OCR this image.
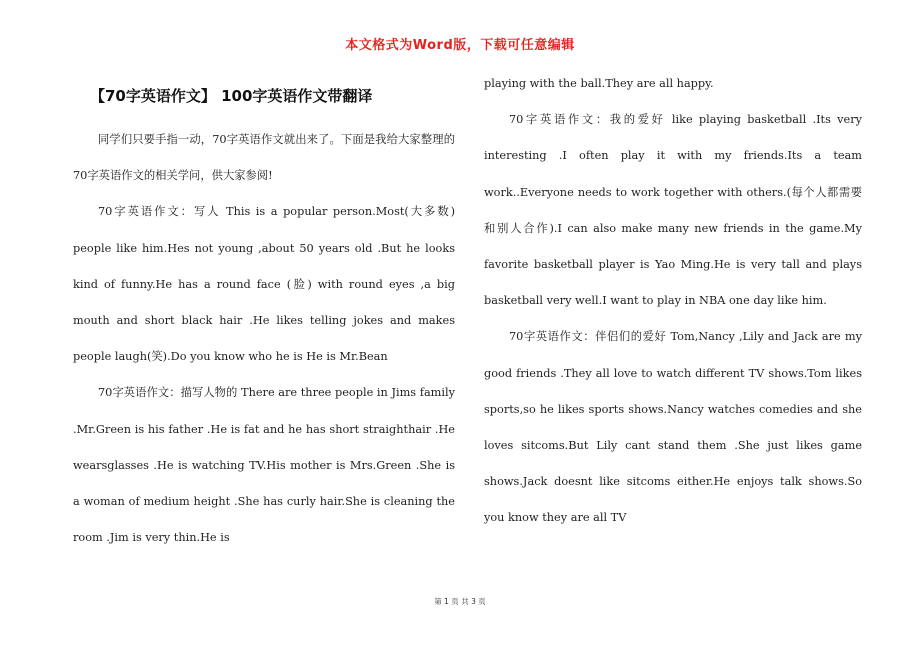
本文格式为Word版，下载可任意编辑
【70字英语作文】 100字英语作文带翻译

同学们只要手指一动，70字英语作文就出来了。下面是我给大家整理的70字英语作文的相关学问，供大家参阅!

70字英语作文：写人 This is a popular person.Most(大多数) people like him.Hes not young ,about 50 years old .But he looks kind of funny.He has a round face (脸) with round eyes ,a big mouth and short black hair .He likes telling jokes and makes people laugh(笑).Do you know who he is He is Mr.Bean

70字英语作文：描写人物的 There are three people in Jims family .Mr.Green is his father .He is fat and he has short straighthair .He wearsglasses .He is watching TV.His mother is Mrs.Green .She is a woman of medium height .She has curly hair.She is cleaning the room .Jim is very thin.He is

playing with the ball.They are all happy.

70字英语作文：我的爱好 like playing basketball .Its very interesting .I often play it with my friends.Its a team work..Everyone needs to work together with others.(每个人都需要和别人合作).I can also make many new friends in the game.My favorite basketball player is Yao Ming.He is very tall and plays basketball very well.I want to play in NBA one day like him.

70字英语作文：伴侣们的爱好 Tom,Nancy ,Lily and Jack are my good friends .They all love to watch different TV shows.Tom likes sports,so he likes sports shows.Nancy watches comedies and she loves sitcoms.But Lily cant stand them .She just likes game shows.Jack doesnt like sitcoms either.He enjoys talk shows.So you know they are all TV

第 1 页 共 3 页
